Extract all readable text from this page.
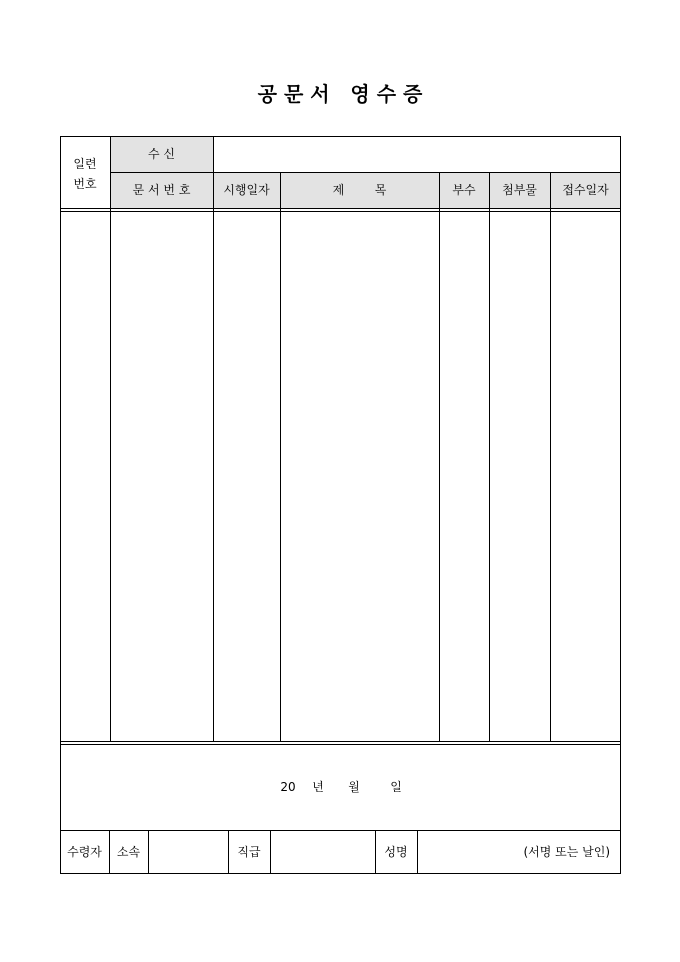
공 문 서   영 수 증
일련
번호
수 신
문 서 번 호	시행일자	제        목	부수	첨부물	접수일자
20	년	월	일
수령자	소속	직급	성명	(서명 또는 날인)
